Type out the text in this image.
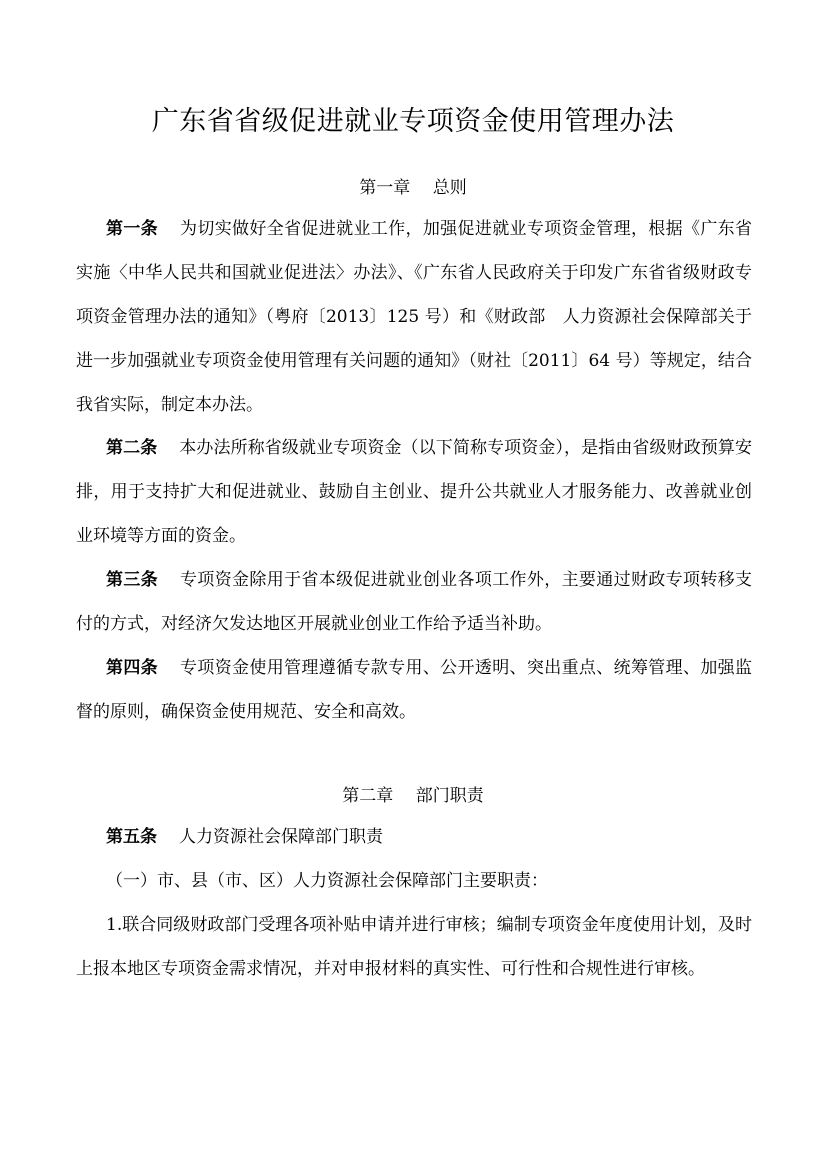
广东省省级促进就业专项资金使用管理办法
第一章　 总则
第一条 为切实做好全省促进就业工作，加强促进就业专项资金管理，根据《广东省实施〈中华人民共和国就业促进法〉办法》、《广东省人民政府关于印发广东省省级财政专项资金管理办法的通知》（粤府〔2013〕125 号）和《财政部　人力资源社会保障部关于进一步加强就业专项资金使用管理有关问题的通知》（财社〔2011〕64 号）等规定，结合我省实际，制定本办法。
第二条 本办法所称省级就业专项资金（以下简称专项资金），是指由省级财政预算安排，用于支持扩大和促进就业、鼓励自主创业、提升公共就业人才服务能力、改善就业创业环境等方面的资金。
第三条 专项资金除用于省本级促进就业创业各项工作外，主要通过财政专项转移支付的方式，对经济欠发达地区开展就业创业工作给予适当补助。
第四条 专项资金使用管理遵循专款专用、公开透明、突出重点、统筹管理、加强监督的原则，确保资金使用规范、安全和高效。
第二章　 部门职责
第五条 人力资源社会保障部门职责
（一）市、县（市、区）人力资源社会保障部门主要职责：
1.联合同级财政部门受理各项补贴申请并进行审核；编制专项资金年度使用计划，及时上报本地区专项资金需求情况，并对申报材料的真实性、可行性和合规性进行审核。
